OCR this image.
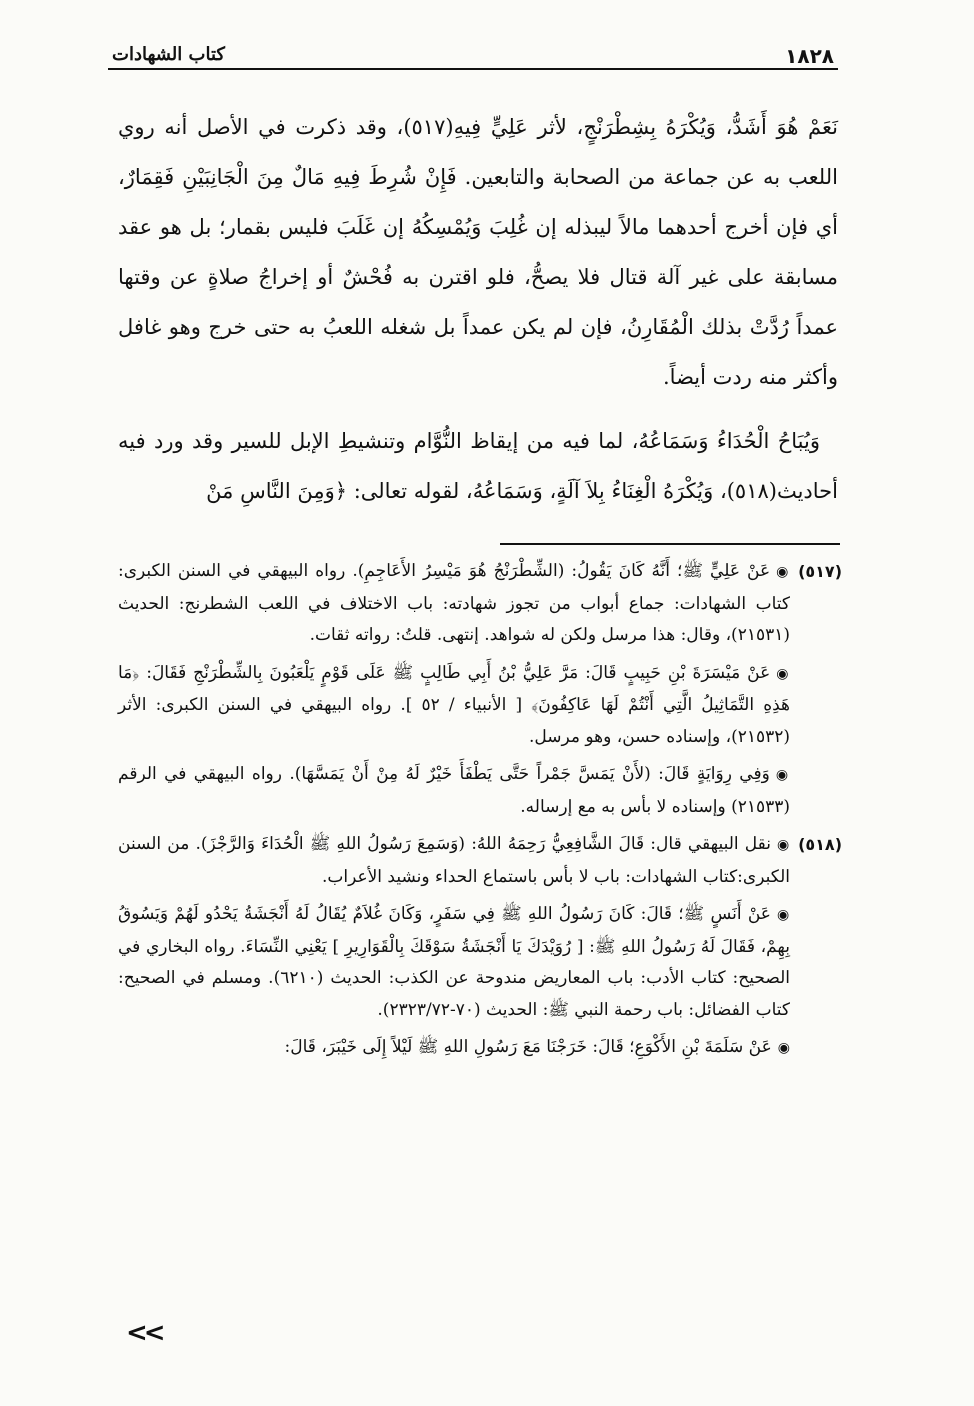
كتاب الشهادات	١٨٢٨

نَعَمْ هُوَ أَشَدُّ، وَيُكْرَهُ بِشِطْرَنْجٍ، لأثر عَلِيٍّ فِيهِ(٥١٧)، وقد ذكرت في الأصل أنه روي اللعب به عن جماعة من الصحابة والتابعين. فَإِنْ شُرِطَ فِيهِ مَالٌ مِنَ الْجَانِبَيْنِ فَقِمَارٌ، أي فإن أخرج أحدهما مالاً ليبذله إن غُلِبَ وَيُمْسِكُهُ إن غَلَبَ فليس بقمار؛ بل هو عقد مسابقة على غير آلة قتال فلا يصحُّ، فلو اقترن به فُحْشٌ أو إخراجُ صلاةٍ عن وقتها عمداً رُدَّتْ بذلك الْمُقَارِنُ، فإن لم يكن عمداً بل شغله اللعبُ به حتى خرج وهو غافل وأكثر منه ردت أيضاً.

وَيُبَاحُ الْحُدَاءُ وَسَمَاعُهُ، لما فيه من إيقاظ النُّوَّام وتنشيطِ الإبل للسير وقد ورد فيه أحاديث(٥١٨)، وَيُكْرَهُ الْغِنَاءُ بِلاَ آلَةٍ، وَسَمَاعُهُ، لقوله تعالى: ﴿وَمِنَ النَّاسِ مَنْ

(٥١٧)
◉عَنْ عَلِيٍّ ﷺ؛ أَنَّهُ كَانَ يَقُولُ: (الشِّطْرَنْجُ هُوَ مَيْسِرُ الأَعَاجِمِ). رواه البيهقي في السنن الكبرى: كتاب الشهادات: جماع أبواب من تجوز شهادته: باب الاختلاف في اللعب الشطرنج: الحديث (٢١٥٣١)، وقال: هذا مرسل ولكن له شواهد. إنتهى. قلتُ: رواته ثقات.
◉عَنْ مَيْسَرَةَ بْنِ حَبِيبٍ قَالَ: مَرَّ عَلِيُّ بْنُ أَبِي طَالِبٍ ﷺ عَلَى قَوْمٍ يَلْعَبُونَ بِالشِّطْرَنْجِ فَقَالَ: ﴿مَا هَذِهِ التَّمَاثِيلُ الَّتِي أَنْتُمْ لَهَا عَاكِفُونَ﴾ [ الأنبياء / ٥٢ ]. رواه البيهقي في السنن الكبرى: الأثر (٢١٥٣٢)، وإسناده حسن، وهو مرسل.
◉وَفِي رِوَايَةٍ قَالَ: (لأَنْ يَمَسَّ جَمْراً حَتَّى يَطْفَأَ خَيْرٌ لَهُ مِنْ أَنْ يَمَسَّهَا). رواه البيهقي في الرقم (٢١٥٣٣) وإسناده لا بأس به مع إرساله.
(٥١٨)
◉نقل البيهقي قال: قَالَ الشَّافِعِيُّ رَحِمَهُ اللهُ: (وَسَمِعَ رَسُولُ اللهِ ﷺ الْحُدَاءَ وَالرَّجْزَ). من السنن الكبرى:كتاب الشهادات: باب لا بأس باستماع الحداء ونشيد الأعراب.
◉عَنْ أَنَسٍ ﷺ؛ قَالَ: كَانَ رَسُولُ اللهِ ﷺ فِي سَفَرٍ، وَكَانَ غُلاَمٌ يُقَالُ لَهُ أَنْجَشَةُ يَحْدُو لَهُمْ وَيَسُوقُ بِهِمْ، فَقَالَ لَهُ رَسُولُ اللهِ ﷺ: [ رُوَيْدَكَ يَا أَنْجَشَةُ سَوْقَكَ بِالْقَوَارِيرِ ] يَعْنِي النِّسَاءَ. رواه البخاري في الصحيح: كتاب الأدب: باب المعاريض مندوحة عن الكذب: الحديث (٦٢١٠). ومسلم في الصحيح: كتاب الفضائل: باب رحمة النبي ﷺ: الحديث (٧٠-٢٣٢٣/٧٢).
◉عَنْ سَلَمَةَ بْنِ الأَكْوَعِ؛ قَالَ: خَرَجْنَا مَعَ رَسُولِ اللهِ ﷺ لَيْلاً إِلَى خَيْبَرَ، قَالَ:
<<
